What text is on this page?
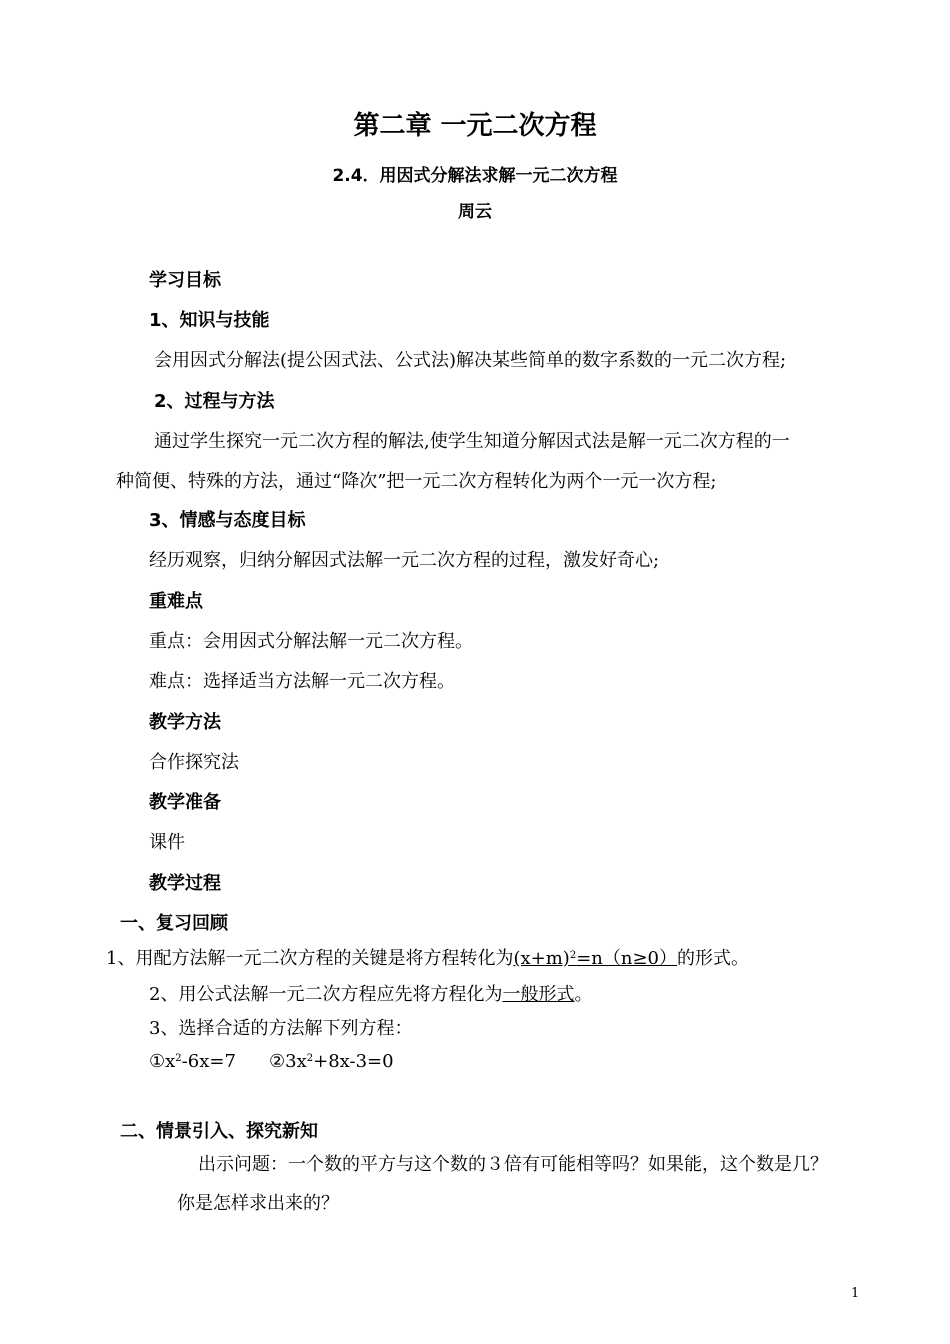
第二章 一元二次方程
2.4．用因式分解法求解一元二次方程
周云
学习目标
1、知识与技能
会用因式分解法(提公因式法、公式法)解决某些简单的数字系数的一元二次方程;
2、过程与方法
通过学生探究一元二次方程的解法,使学生知道分解因式法是解一元二次方程的一
种简便、特殊的方法，通过“降次”把一元二次方程转化为两个一元一次方程;
3、情感与态度目标
经历观察，归纳分解因式法解一元二次方程的过程，激发好奇心;
重难点
重点：会用因式分解法解一元二次方程。
难点：选择适当方法解一元二次方程。
教学方法
合作探究法
教学准备
课件
教学过程
一、复习回顾
1、用配方法解一元二次方程的关键是将方程转化为$(x+m)^2=n(n\ge 0)$的形式。
2、用公式法解一元二次方程应先将方程化为一般形式。
3、选择合适的方法解下列方程：
$①x^2-6x=7$ $②3x^2+8x-3=0$
二、情景引入、探究新知
出示问题：一个数的平方与这个数的３倍有可能相等吗？如果能，这个数是几？
你是怎样求出来的？
1
